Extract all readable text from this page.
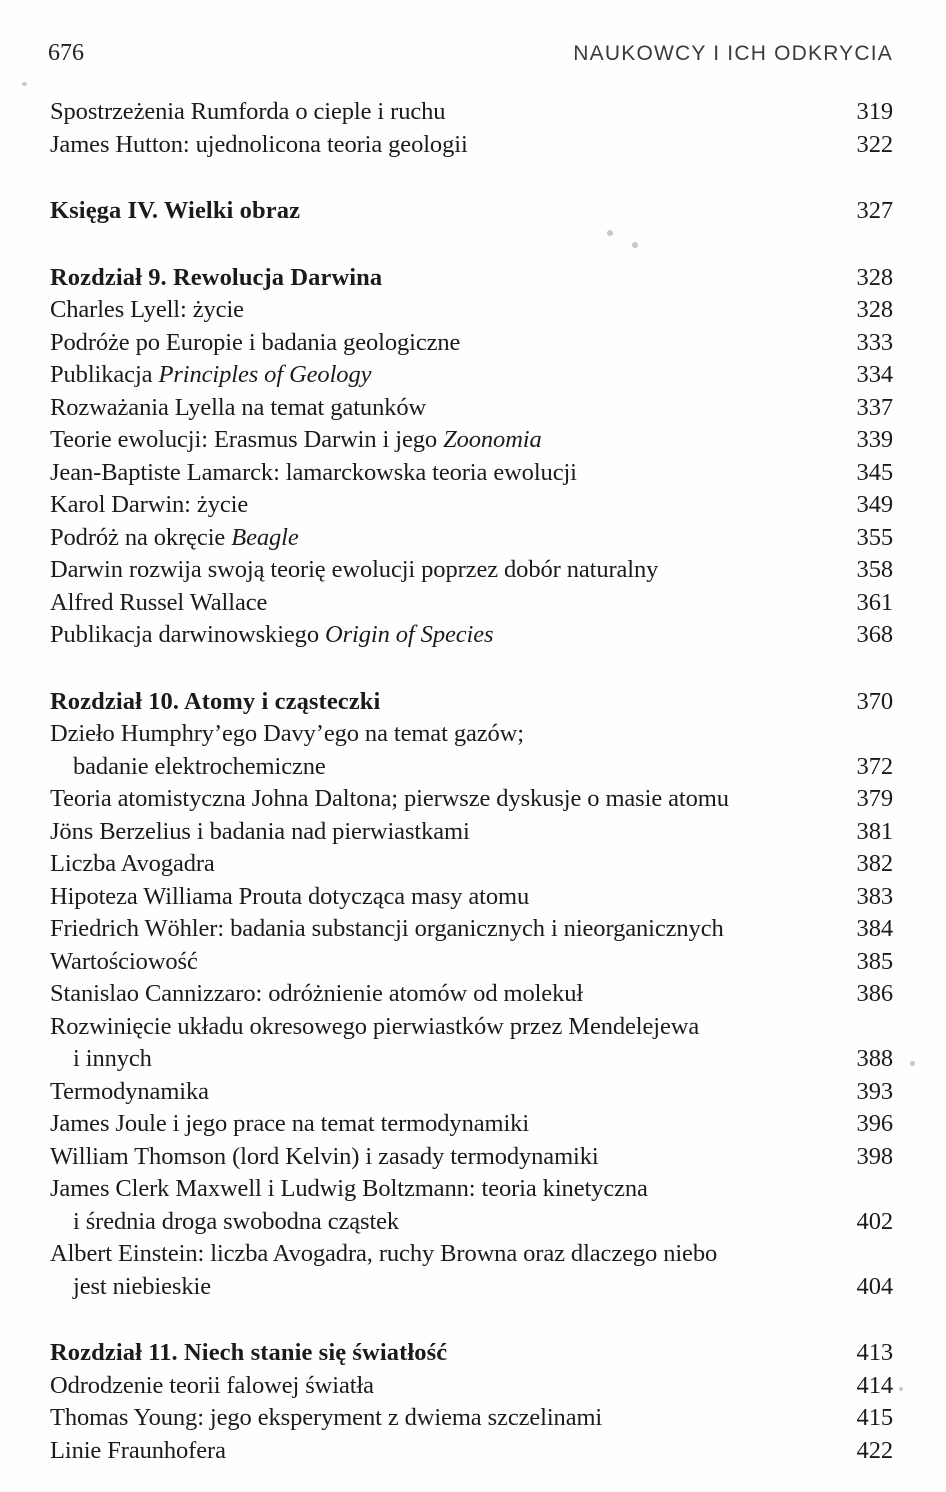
676	NAUKOWCY I ICH ODKRYCIA
Spostrzeżenia Rumforda o cieple i ruchu	319
James Hutton: ujednolicona teoria geologii	322
Księga IV. Wielki obraz	327
Rozdział 9. Rewolucja Darwina	328
Charles Lyell: życie	328
Podróże po Europie i badania geologiczne	333
Publikacja Principles of Geology	334
Rozważania Lyella na temat gatunków	337
Teorie ewolucji: Erasmus Darwin i jego Zoonomia	339
Jean-Baptiste Lamarck: lamarckowska teoria ewolucji	345
Karol Darwin: życie	349
Podróż na okręcie Beagle	355
Darwin rozwija swoją teorię ewolucji poprzez dobór naturalny	358
Alfred Russel Wallace	361
Publikacja darwinowskiego Origin of Species	368
Rozdział 10. Atomy i cząsteczki	370
Dzieło Humphry’ego Davy’ego na temat gazów;
badanie elektrochemiczne	372
Teoria atomistyczna Johna Daltona; pierwsze dyskusje o masie atomu	379
Jöns Berzelius i badania nad pierwiastkami	381
Liczba Avogadra	382
Hipoteza Williama Prouta dotycząca masy atomu	383
Friedrich Wöhler: badania substancji organicznych i nieorganicznych	384
Wartościowość	385
Stanislao Cannizzaro: odróżnienie atomów od molekuł	386
Rozwinięcie układu okresowego pierwiastków przez Mendelejewa
i innych	388
Termodynamika	393
James Joule i jego prace na temat termodynamiki	396
William Thomson (lord Kelvin) i zasady termodynamiki	398
James Clerk Maxwell i Ludwig Boltzmann: teoria kinetyczna
i średnia droga swobodna cząstek	402
Albert Einstein: liczba Avogadra, ruchy Browna oraz dlaczego niebo
jest niebieskie	404
Rozdział 11. Niech stanie się światłość	413
Odrodzenie teorii falowej światła	414
Thomas Young: jego eksperyment z dwiema szczelinami	415
Linie Fraunhofera	422
